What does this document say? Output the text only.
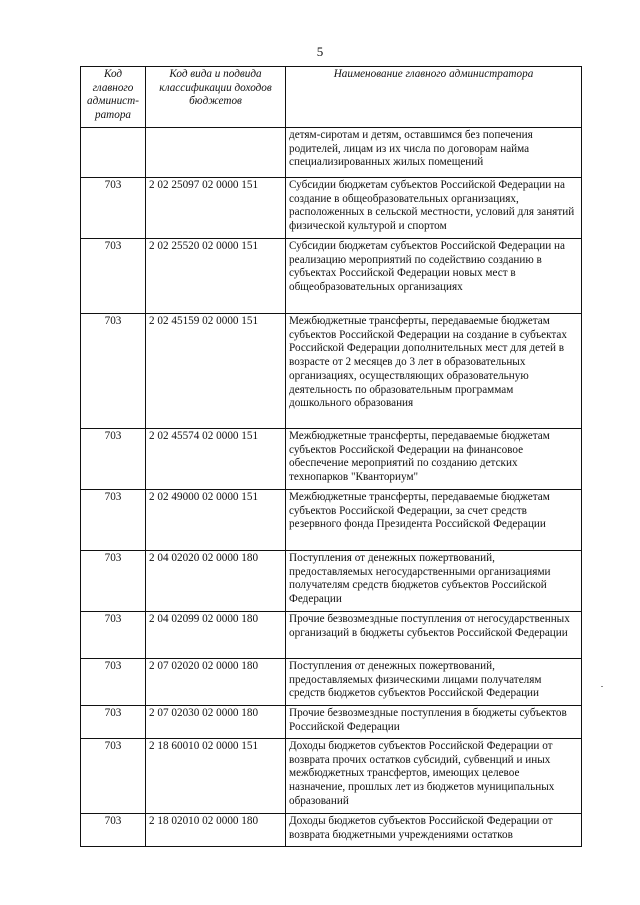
5
Код главного админист-ратора	Код вида и подвида классификации доходов бюджетов	Наименование главного администратора
		детям-сиротам и детям, оставшимся без попечения родителей, лицам из их числа по договорам найма специализированных жилых помещений
703	2 02 25097 02 0000 151	Субсидии бюджетам субъектов Российской Федерации на создание в общеобразовательных организациях, расположенных в сельской местности, условий для занятий физической культурой и спортом
703	2 02 25520 02 0000 151	Субсидии бюджетам субъектов Российской Федерации на реализацию мероприятий по содействию созданию в субъектах Российской Федерации новых мест в общеобразовательных организациях
703	2 02 45159 02 0000 151	Межбюджетные трансферты, передаваемые бюджетам субъектов Российской Федерации на создание в субъектах Российской Федерации дополнительных мест для детей в возрасте от 2 месяцев до 3 лет в образовательных организациях, осуществляющих образовательную деятельность по образовательным программам дошкольного образования
703	2 02 45574 02 0000 151	Межбюджетные трансферты, передаваемые бюджетам субъектов Российской Федерации на финансовое обеспечение мероприятий по созданию детских технопарков "Кванториум"
703	2 02 49000 02 0000 151	Межбюджетные трансферты, передаваемые бюджетам субъектов Российской Федерации, за счет средств резервного фонда Президента Российской Федерации
703	2 04 02020 02 0000 180	Поступления от денежных пожертвований, предоставляемых негосударственными организациями получателям средств бюджетов субъектов Российской Федерации
703	2 04 02099 02 0000 180	Прочие безвозмездные поступления от негосударственных организаций в бюджеты субъектов Российской Федерации
703	2 07 02020 02 0000 180	Поступления от денежных пожертвований, предоставляемых физическими лицами получателям средств бюджетов субъектов Российской Федерации
703	2 07 02030 02 0000 180	Прочие безвозмездные поступления в бюджеты субъектов Российской Федерации
703	2 18 60010 02 0000 151	Доходы бюджетов субъектов Российской Федерации от возврата прочих остатков субсидий, субвенций и иных межбюджетных трансфертов, имеющих целевое назначение, прошлых лет из бюджетов муниципальных образований
703	2 18 02010 02 0000 180	Доходы бюджетов субъектов Российской Федерации от возврата бюджетными учреждениями остатков
